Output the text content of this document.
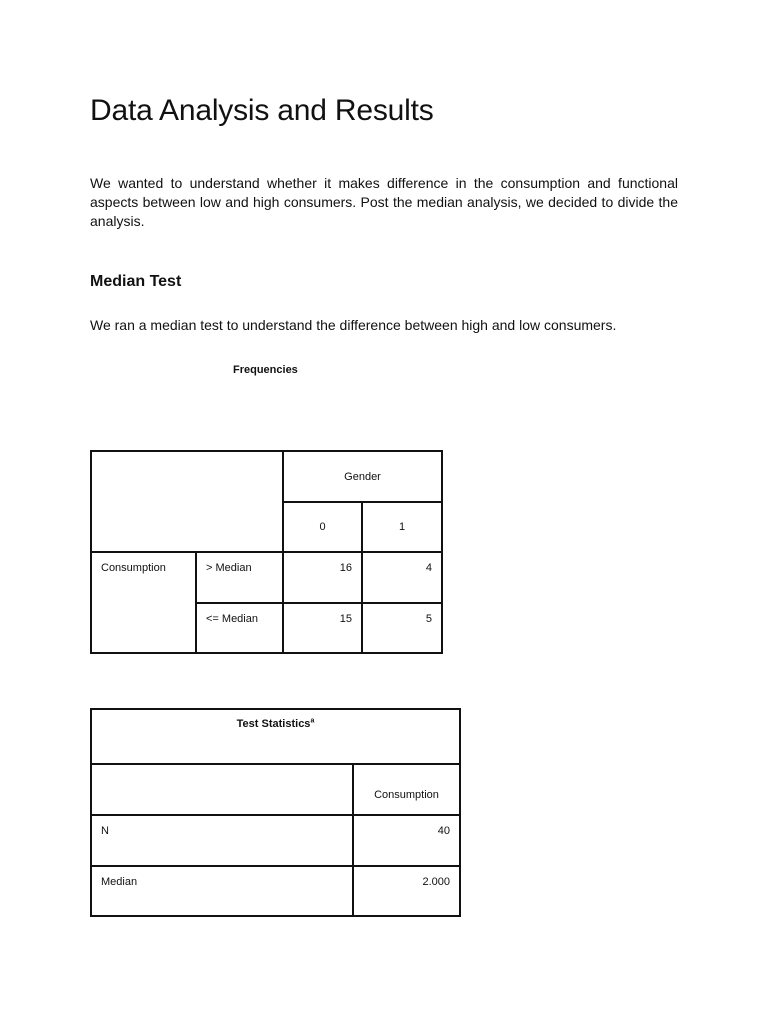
Data Analysis and Results

We wanted to understand whether it makes difference in the consumption and functional aspects between low and high consumers. Post the median analysis, we decided to divide the analysis.

Median Test

We ran a median test to understand the difference between high and low consumers.

Frequencies

		Gender	
		0	1
Consumption	> Median	16	4
	<= Median	15	5
Test Statistics$^a$
	Consumption
N	40
Median	2.000
